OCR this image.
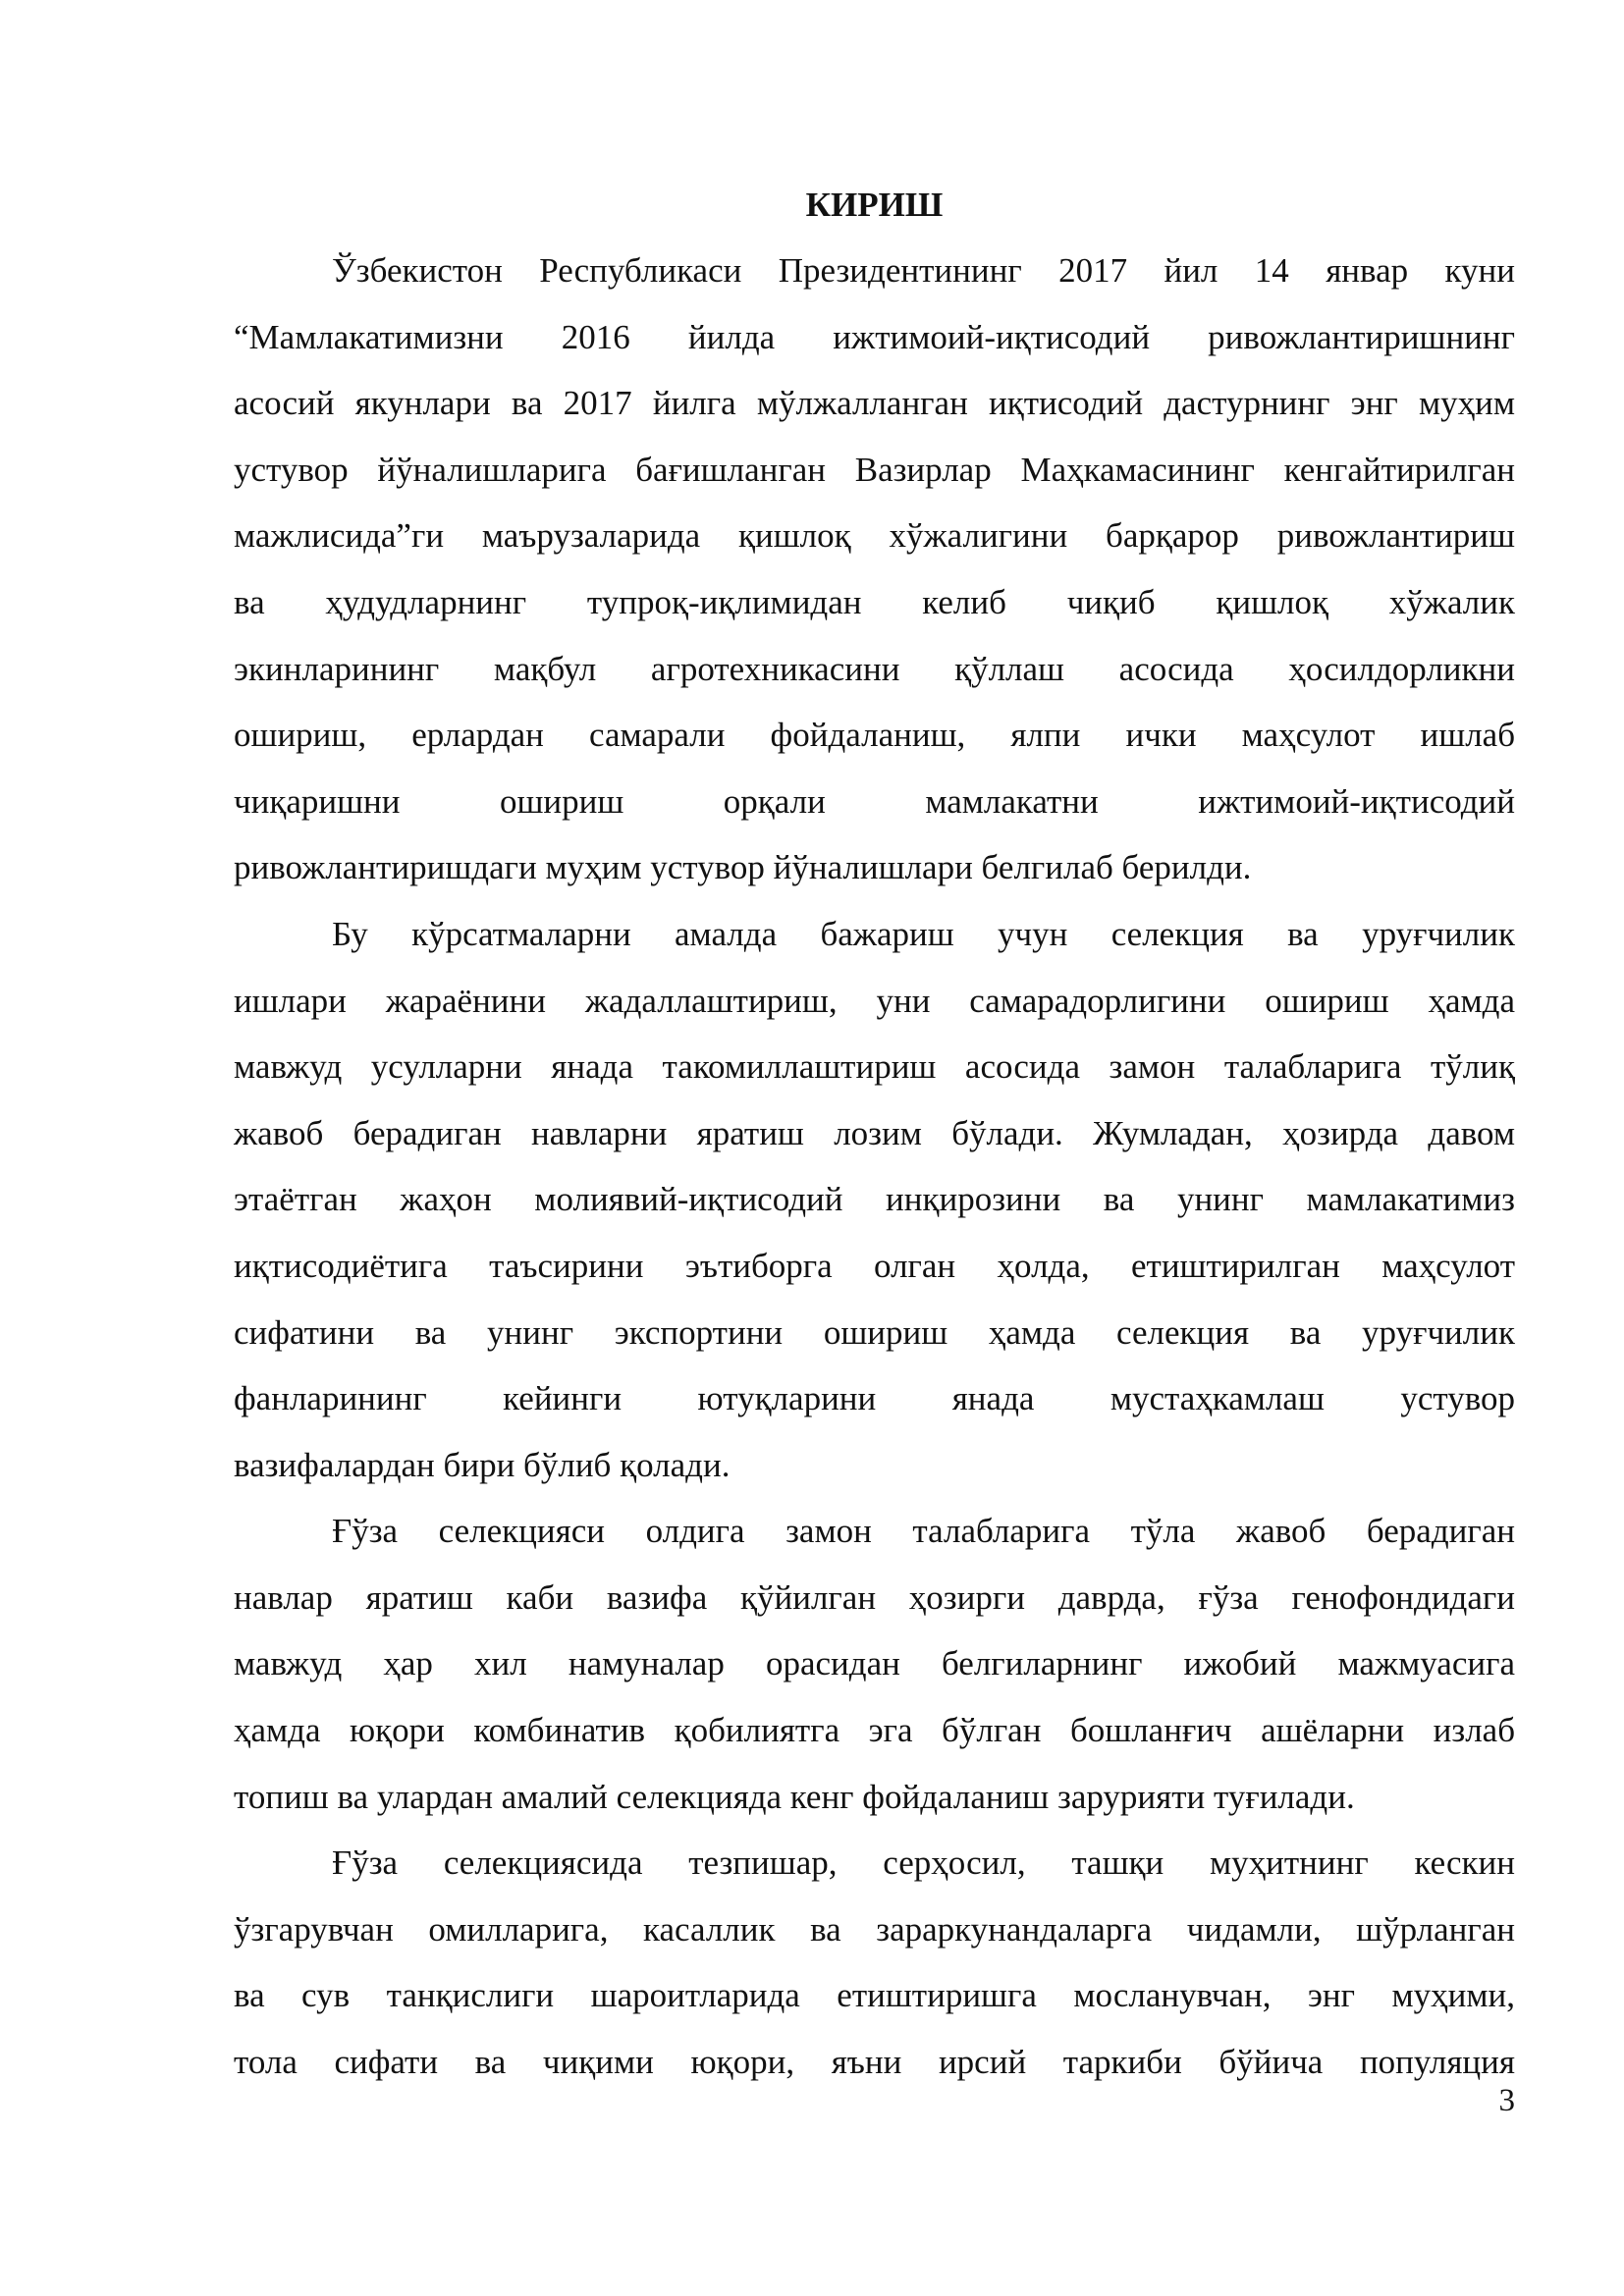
КИРИШ

Ўзбекистон Республикаси Президентининг 2017 йил 14 январ куни
“Мамлакатимизни 2016 йилда ижтимоий-иқтисодий ривожлантиришнинг
асосий якунлари ва 2017 йилга мўлжалланган иқтисодий дастурнинг энг муҳим
устувор йўналишларига бағишланган Вазирлар Маҳкамасининг кенгайтирилган
мажлисида”ги маърузаларида қишлоқ хўжалигини барқарор ривожлантириш
ва ҳудудларнинг тупроқ-иқлимидан келиб чиқиб қишлоқ хўжалик
экинларининг мақбул агротехникасини қўллаш асосида ҳосилдорликни
ошириш, ерлардан самарали фойдаланиш, ялпи ички маҳсулот ишлаб
чиқаришни ошириш орқали мамлакатни ижтимоий-иқтисодий
ривожлантиришдаги муҳим устувор йўналишлари белгилаб берилди.

Бу кўрсатмаларни амалда бажариш учун селекция ва уруғчилик
ишлари жараёнини жадаллаштириш, уни самарадорлигини ошириш ҳамда
мавжуд усулларни янада такомиллаштириш асосида замон талабларига тўлиқ
жавоб берадиган навларни яратиш лозим бўлади. Жумладан, ҳозирда давом
этаётган жаҳон молиявий-иқтисодий инқирозини ва унинг мамлакатимиз
иқтисодиётига таъсирини эътиборга олган ҳолда, етиштирилган маҳсулот
сифатини ва унинг экспортини ошириш ҳамда селекция ва уруғчилик
фанларининг кейинги ютуқларини янада мустаҳкамлаш устувор
вазифалардан бири бўлиб қолади.

Ғўза селекцияси олдига замон талабларига тўла жавоб берадиган
навлар яратиш каби вазифа қўйилган ҳозирги даврда, ғўза генофондидаги
мавжуд ҳар хил намуналар орасидан белгиларнинг ижобий мажмуасига
ҳамда юқори комбинатив қобилиятга эга бўлган бошланғич ашёларни излаб
топиш ва улардан амалий селекцияда кенг фойдаланиш зарурияти туғилади.

Ғўза селекциясида тезпишар, серҳосил, ташқи муҳитнинг кескин
ўзгарувчан омилларига, касаллик ва зараркунандаларга чидамли, шўрланган
ва сув танқислиги шароитларида етиштиришга мосланувчан, энг муҳими,
тола сифати ва чиқими юқори, яъни ирсий таркиби бўйича популяция

3
